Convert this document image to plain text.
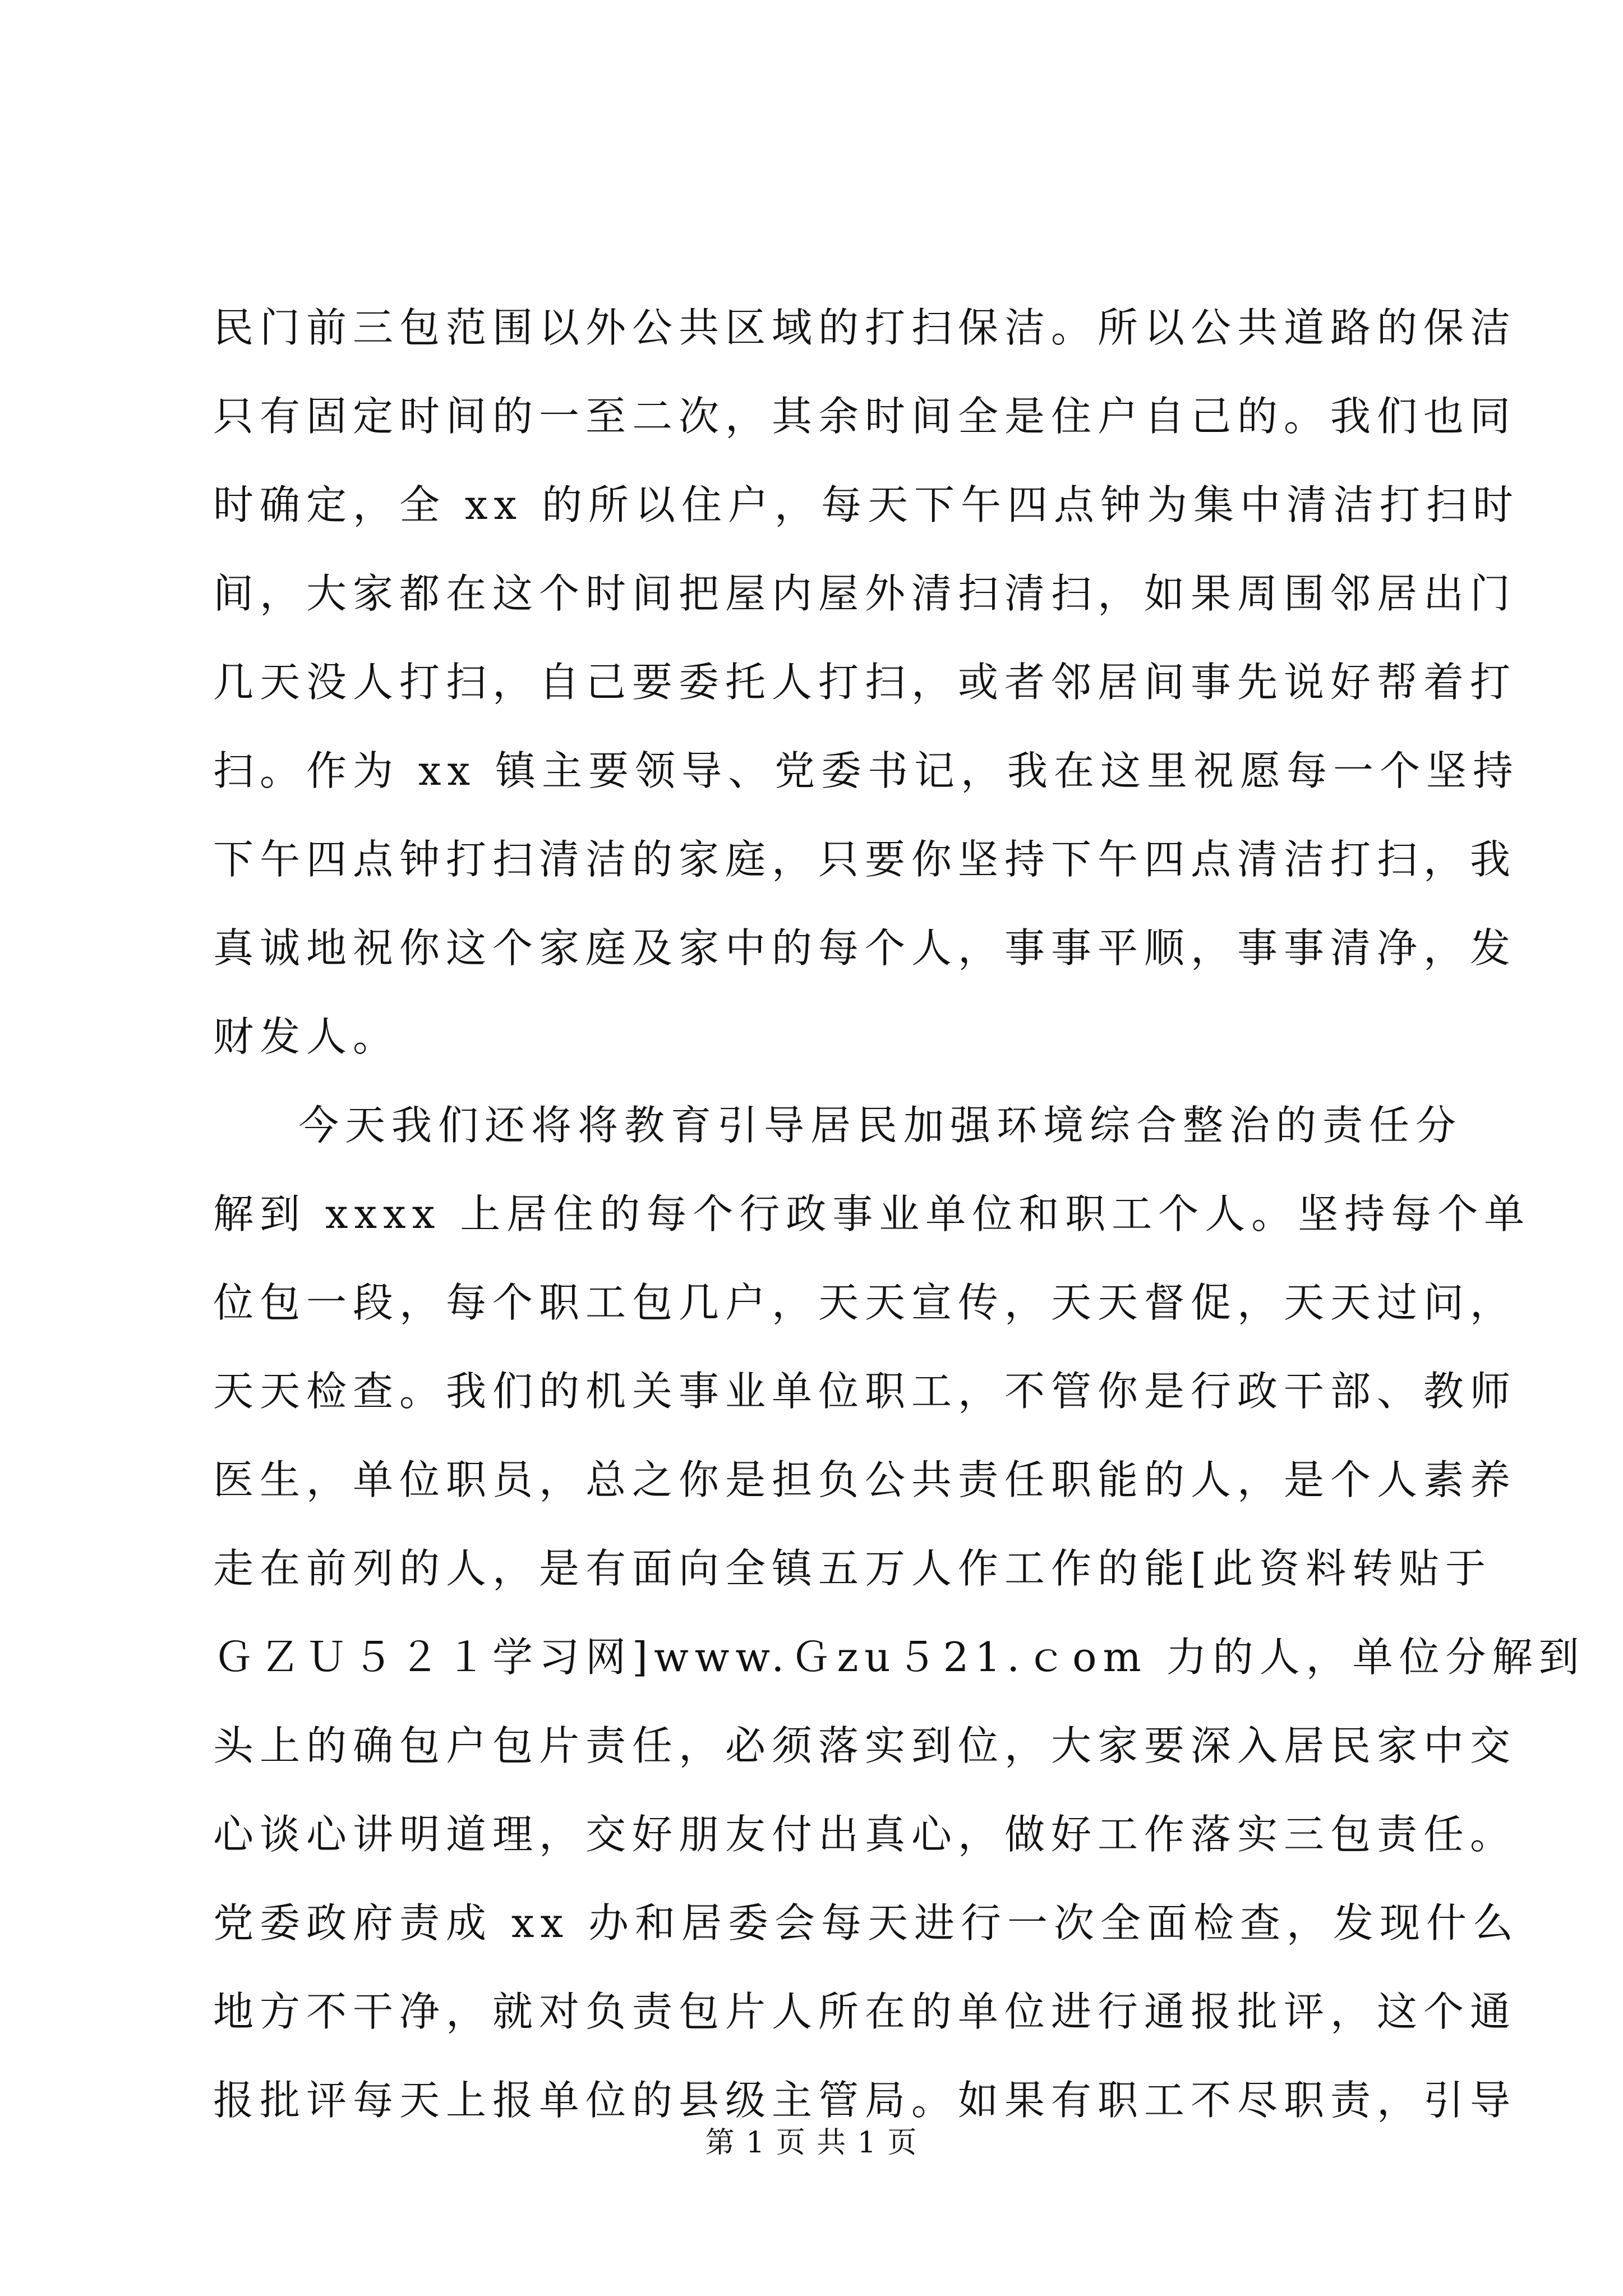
民门前三包范围以外公共区域的打扫保洁。所以公共道路的保洁
只有固定时间的一至二次，其余时间全是住户自己的。我们也同
时确定，全 xx 的所以住户，每天下午四点钟为集中清洁打扫时
间，大家都在这个时间把屋内屋外清扫清扫，如果周围邻居出门
几天没人打扫，自己要委托人打扫，或者邻居间事先说好帮着打
扫。作为 xx 镇主要领导、党委书记，我在这里祝愿每一个坚持
下午四点钟打扫清洁的家庭，只要你坚持下午四点清洁打扫，我
真诚地祝你这个家庭及家中的每个人，事事平顺，事事清净，发
财发人。
今天我们还将将教育引导居民加强环境综合整治的责任分
解到 xxxx 上居住的每个行政事业单位和职工个人。坚持每个单
位包一段，每个职工包几户，天天宣传，天天督促，天天过问，
天天检查。我们的机关事业单位职工，不管你是行政干部、教师
医生，单位职员，总之你是担负公共责任职能的人，是个人素养
走在前列的人，是有面向全镇五万人作工作的能[此资料转贴于
ＧＺＵ５２１学习网]www.Ｇzu５21.ｃom 力的人，单位分解到
头上的确包户包片责任，必须落实到位，大家要深入居民家中交
心谈心讲明道理，交好朋友付出真心，做好工作落实三包责任。
党委政府责成 xx 办和居委会每天进行一次全面检查，发现什么
地方不干净，就对负责包片人所在的单位进行通报批评，这个通
报批评每天上报单位的县级主管局。如果有职工不尽职责，引导
第 1 页 共 1 页
